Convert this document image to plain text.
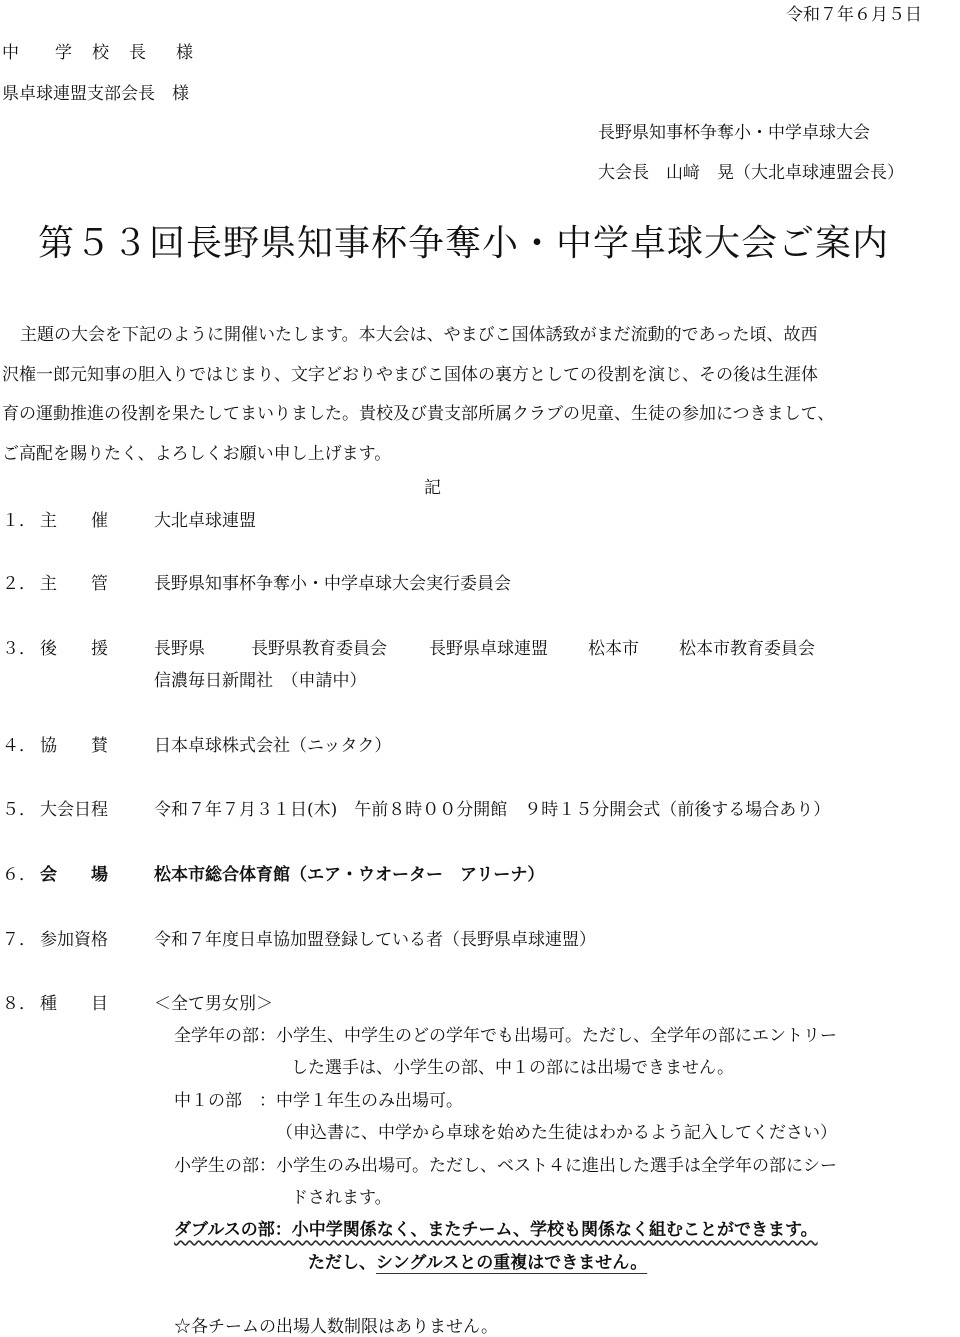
令和７年６月５日
中 学 校 長 様
県卓球連盟支部会長　様
長野県知事杯争奪小・中学卓球大会
大会長　山﨑　晃（大北卓球連盟会長）
第５３回長野県知事杯争奪小・中学卓球大会ご案内

主題の大会を下記のように開催いたします。本大会は、やまびこ国体誘致がまだ流動的であった頃、故西

沢権一郎元知事の胆入りではじまり、文字どおりやまびこ国体の裏方としての役割を演じ、その後は生涯体
育の運動推進の役割を果たしてまいりました。貴校及び貴支部所属クラブの児童、生徒の参加につきまして、
ご高配を賜りたく、よろしくお願い申し上げます。
記
１． 主　　催	大北卓球連盟
２． 主　　管	長野県知事杯争奪小・中学卓球大会実行委員会
３． 後　　援	長野県	長野県教育委員会 長野県卓球連盟 松本市 松本市教育委員会
信濃毎日新聞社　（申請中）
４． 協　　賛	日本卓球株式会社（ニッタク）
５． 大会日程	令和７年７月３１日(木)　午前８時００分開館　９時１５分開会式（前後する場合あり）
６． 会　　場	松本市総合体育館（エア・ウオーター　アリーナ）
７． 参加資格	令和７年度日卓協加盟登録している者（長野県卓球連盟）
８． 種　　目	＜全て男女別＞
全学年の部：小学生、中学生のどの学年でも出場可。ただし、全学年の部にエントリー
した選手は、小学生の部、中１の部には出場できません。
中１の部　：中学１年生のみ出場可。
（申込書に、中学から卓球を始めた生徒はわかるよう記入してください）
小学生の部：小学生のみ出場可。ただし、ベスト４に進出した選手は全学年の部にシー
ドされます。
ダブルスの部：小中学関係なく、またチーム、学校も関係なく組むことができます。
ただし、シングルスとの重複はできません。
☆各チームの出場人数制限はありません。
